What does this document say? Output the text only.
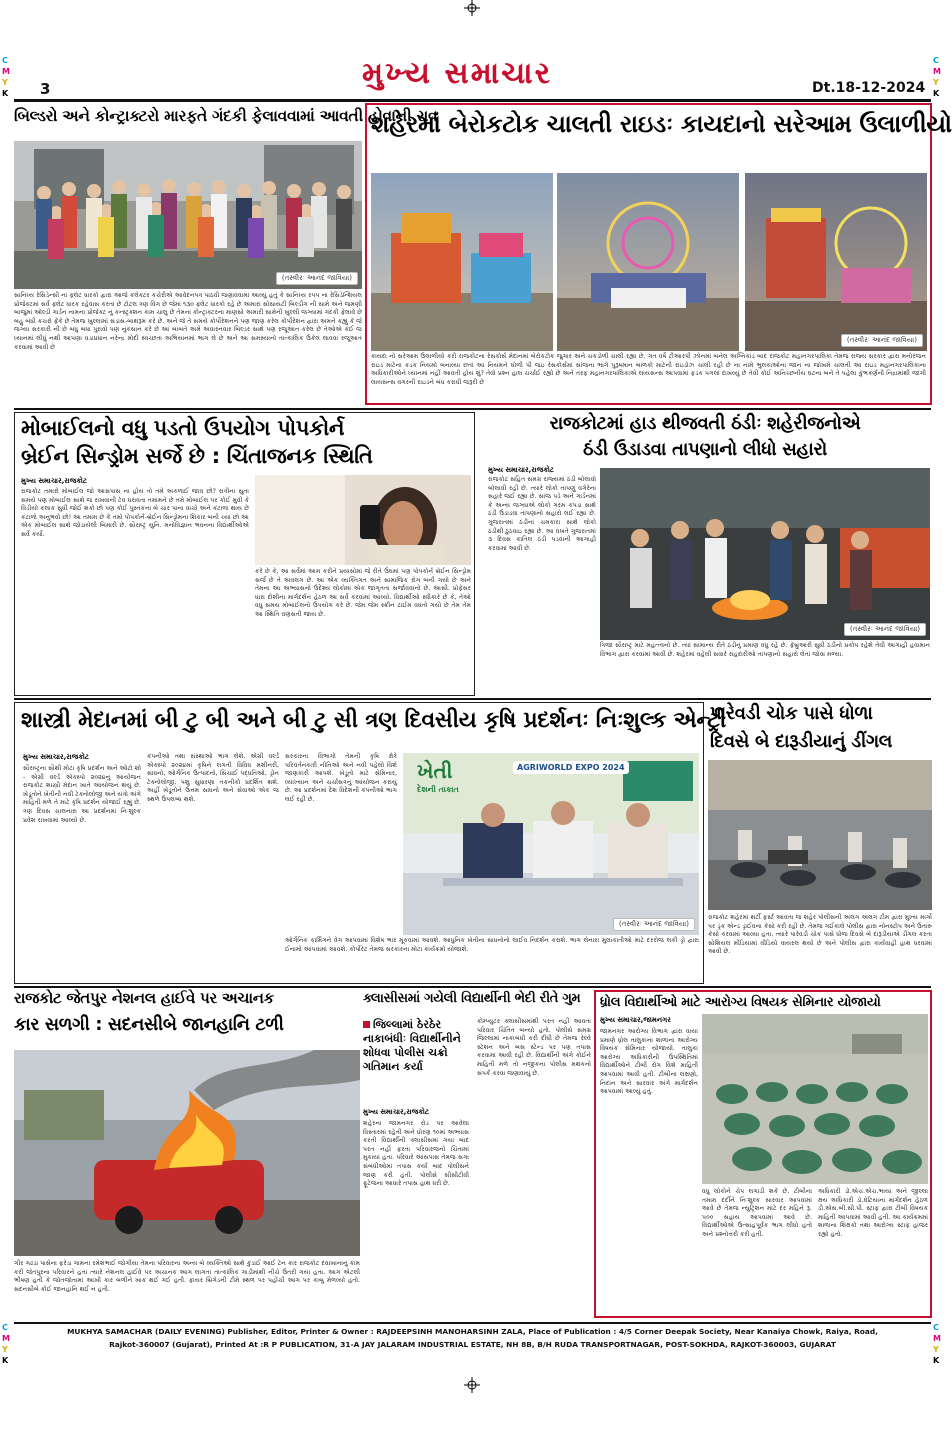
C
M
Y
K
C
M
Y
K
C
M
Y
K
C
M
Y
K
3	મુખ્ય સમાચાર	Dt.18-12-2024
બિલ્ડરો અને કોન્ટ્રાક્ટરો મારફતે ગંદકી ફેલાવવામાં આવતી હોવાની રાવ
(તસ્વીરઃ આનંદ જાવિયા)
સાનિધ્ય રેસિડેન્સી ના ફ્લેટ ધારકો દ્વારા આજે કલેક્ટર કચેરીએ આવેદનપત્ર પાઠવી જણાવવામાં આવ્યું હતું કે સાનિધ્ય રપ૫ ના રેસિડેન્શિયલ પ્રોજેક્ટમાં સર્વે ફ્લેટ ધારક રહેવાસ કરતાં છે ટોટલ ત્રણ વિંગ છે જેમાં ૧૩૦ ફ્લેટ ધારકો રહે છે અમારા સોસાયટી બિલ્ડીંગ ની સામે અને જમણી બાજુમાં ઓલ્ડી ગાર્ડન નામના પ્રોજેક્ટ નું કન્સ્ટ્રક્શન કામ ચાલુ છે તેમના કોન્ટ્રાક્ટરના માણસો અમારી સામેની ખુલ્લી જગ્યામાં ગંદકી ફેલાવે છે બહુ બધી કચરો ફેંકે છે તેમજ ખુલ્લામાં સંડાસ-બાથરૂમ કરે છે. અને જે તે સમયે કોર્પોરેશનને પણ જાણ કરેલ કોર્પોરેશન દ્વારા અમને કહ્યું કે જે જગ્યા સરકારી ની છે બધુ બધા પુરાવો પણ નુકસાન કરે છે આ બાબતે અમે અવારનવાર બિલ્ડર સાથે પણ રજૂઆત કરેલ છે તેઓએ કંઈ જ ધ્યાનમાં લીધું નથી આપણા વડાપ્રધાન નરેન્દ્ર મોદી સ્વચ્છતા અભિયાનમાં ભાગ લે છે અને આ સમસ્યાનો તાત્કાલિક ઉકેલ લાવવા રજૂઆત કરવામાં આવી છે
શહેરમાં બેરોકટોક ચાલતી રાઇડઃ કાયદાનો સરેઆમ ઉલાળીયો
(તસ્વીરઃ આનંદ જાવિયા)
કાયદા નો સરેઆમ ઉલાળીયો કરી રાજકોટના રેસકોર્સ મેદાનમાં બેરોકટોક જુગાર અને ચકડોળી ચાલી રહ્યા છે. ગત વર્ષે ટીઆરપી ઝોનમાં બનેલ અગ્નિકાંડ બાદ રાજકોટ મહાનગરપાલિકા તેમજ રાજ્ય સરકાર દ્વારા મનોરંજન રાઇડ માટેના કડક નિયમો બનાવ્યા છતાં આ નિયમને ઘોળી પી જઇ રેસકોર્સમાં સાંજના ભાગે પુરૂષમાન બાળકો માટેની રાઇડોઝ ચાલી રહી છે ના નામે ભુલકાઓના જાન ના જોખમે ચાલતી આ રાઇડ મહાનગરપાલિકાના અધિકારીઓને ધ્યાનમાં નહીં આવતી હોય શું? તેવો પ્રશ્ન હાલ ચર્ચાઈ રહ્યો છે અને તરફ મહાનગરપાલિકાએ લાયસન્સ આપવામાં ફડક પગલાં દાખવ્યું છે તેવી કોઈ અનિચ્છનીય ઘટના બને તે પહેલા કુંભકર્ણની નિદ્રામાંથી જાગી લાયસન્સ વગરની રાઇડને બંધ કરાવી જરૂરી છે
મોબાઈલનો વધુ પડતો ઉપયોગ પોપકોર્ન
બ્રેઈન સિન્ડ્રોમ સર્જે છે : ચિંતાજનક સ્થિતિ
મુખ્ય સમાચાર,રાજકોટ
રાજકોટ તમારો મોબાઈલ જો આસપાસ ના હોય તો તમે અકળાઈ જાવ છો? રાત્રીના સુતા સમયે પણ મોબાઈલ સાથે જ રાખવાની ટેવ ધરાવતા તમામને છે તમે મોબાઈલ પર કોઈ મુવી કે વિડીયો કલાક સુધી જોઈ શકો છો પણ કોઈ પુસ્તકના બે ચાર પાના વાંચો અને કંટાળા થાય છે કંટાળો અનુભવો છો! આ તમામ છે કે તમો પોપકોર્ન-બ્રેઈન સિન્ડ્રોમના શિકાર બની ચ્યા છો આ એક મોબાઈલ સાથે જોડાયેલી બિમારી છે. સૌરાષ્ટ્ર યુનિ. મનોવિજ્ઞાન ભવનના વિદ્યાર્થીઓએ સર્વે કર્યો.
કરે છે કે, આ સર્વેમાં આમ કરીને પ્રયાસોમાં જે રીતે ઉંઘમાં પણ પોપકોર્ન બ્રેઈન સિન્ડ્રોમ સર્જે છે તે અવલગ છે. આ એક વ્યક્તિગત અને સામાજિક રોગ બની ગયો છે અને તેમના આ અભ્યાસનો ઉદેશ્ય લોકોમાં એક જાગૃતતા સર્જાવવાનો છે. આસી. પ્રોફેસર ધારા દોશીના માર્ગદર્શન હેઠળ આ સર્વે કરવામાં આવ્યો. વિદ્યાર્થીઓ સ્વીકારે છે કે, તેઓ વધુ સમય મોબાઈલનો ઉપયોગ કરે છે. જેમ જેમ સ્ક્રીન ટાઈમ વધતો ગયો છે તેમ તેમ આ સ્થિતિ વણસતી જાય છે.
રાજકોટમાં હાડ થીજવતી ઠંડીઃ શહેરીજનોએ
ઠંડી ઉડાડવા તાપણાનો લીધો સહારો
મુખ્ય સમાચાર,રાજકોટ
રાજકોટ સહિત સમગ્ર રાજ્યમાં ઠંડી બોલાવો બોલાવી રહી છે. ત્યારે લોકો તાપણું વગેરેના સહારે જઈ રહ્યા છે. સાંજ પડે અને ગાર્ડનમાં કે અન્ય જગ્યાએ લોકો ગરમ કપડા સાથે ઠંડી ઉડાડવા તાપણાનો સહારો લઈ રહ્યા છે. ગુજરાતમાં ઠંડીના ચમકારા સાથે લોકો ઠંડીથી ઠુંઠવાઇ રહ્યા છે. આ વખતે ગુજરાતમાં ૩ દિવસ કાતિલ ઠંડી પડવાની આગાહી કરવામાં આવી છે.
(તસ્વીરઃ આનંદ જાવિયા)
ત્રિજા સૌરાષ્ટ્ર માટે મહત્ત્વનો છે. ત્યાં સામાન્ય રીતે ઠંડીનું પ્રમાણ વધુ રહે છે. ફેબ્રુઆરી સુધી ઠંડીનો પ્રકોપ રહેશે તેવી આગાહી હવામાન વિભાગ દ્વારા કરવામાં આવી છે. શહેરમાં વહેલી સવારે રાહદારીઓ તાપણાનો સહારો લેતાં જોવા મળ્યા.
શાસ્ત્રી મેદાનમાં બી ટુ બી અને બી ટુ સી ત્રણ દિવસીય કૃષિ પ્રદર્શનઃ નિઃશુલ્ક એન્ટ્રી
મુખ્ય સમાચાર,રાજકોટ
સૌરાષ્ટ્રના સૌથી મોટા કૃષિ પ્રદર્શન અને ઓટો શો - એગ્રી વર્લ્ડ એક્સ્પો ૨૦૨૪નું આયોજન રાજકોટ શાસ્ત્રી મેદાન ખાતે આયોજન થયું છે. ખેડૂતોને ખેતીની નવી ટેક્નોલોજી અને યંત્રો અંગે માહિતી મળે તે માટે કૃષિ પ્રદર્શન યોજાઈ રહ્યું છે. ત્રણ દિવસ ચાલનારા આ પ્રદર્શનમાં નિઃશુલ્ક પ્રવેશ રાખવામાં આવ્યો છે.
કંપનીઓ તથા સંસ્થાઓ ભાગ લેશે. એગ્રી વર્લ્ડ એક્સ્પો ૨૦૨૪માં કૃષિને લગતી વિવિધ મશીનરી, સાધનો, ઓર્ગેનિક ઉત્પાદનો, સિંચાઈ પદ્ધતિઓ, ડ્રોન ટેક્નોલોજી, પશુ સુધારણા તકનીકો પ્રદર્શિત થશે. અહીં ખેડૂતોને ઉત્તમ સાધનો અને સેવાઓ એક જ સ્થળે ઉપલબ્ધ થશે.
સરકારના વિભાગો તેમની કૃષિ ક્ષેત્રે પરિવર્તનકારી નીતિઓ અને નવી પહેલો વિશે જાણકારી આપશે. ખેડૂતો માટે સેમિનાર, વ્યાખ્યાન અને ચર્ચાસત્રનું આયોજન કરાયું છે. આ પ્રદર્શનમાં દેશ વિદેશની કંપનીઓ ભાગ લઈ રહી છે.
ખેતી
દેશની તાકાત
AGRIWORLD EXPO 2024
(તસ્વીરઃ આનંદ જાવિયા)
ઓર્ગેનિક કાર્મિંગને વેગ આપવામાં વિશેષ ભાર મૂકવામાં આવશે. આધુનિક ખેતીના સાધનોનો લાઈવ નિદર્શન કરાશે. ભાગ લેનારા મુલાકાતીઓ માટે દરરોજ લકી ડ્રો દ્વારા ઈનામો આપવામાં આવશે. કોર્પોરેટ તેમજ સરકારના મોટા કાર્યક્રમો યોજાશે.
પારેવડી ચોક પાસે ધોળા
દિવસે બે દારૂડીયાનું ડીંગલ
રાજકોટ શહેરમાં થર્ટી ફર્સ્ટ આવતા જ શહેર પોલીસની અલગ અલગ ટીમ દ્વારા મુખ્ય માર્ગો પર ડ્રંક એન્ડ ડ્રાઈવના કેસો કરી રહી છે. તેમજ ગઈકાલે પોલીસ દ્વારા નોનસ્ટોપ અને ઉતારુ કેસો કરવામાં આવ્યા હતા. ત્યારે પારેવડી ચોક પાસે ધોળા દિવસે બે દારૂડીયાએ ડીંગલ કરતા સોશિયલ મીડિયામાં વીડિયો વાયરલ થયો છે અને પોલીસ દ્વારા કાર્યવાહી હાથ ધરવામાં આવી છે.
રાજકોટ જેતપુર નેશનલ હાઈવે પર અચાનક
કાર સળગી : સદનસીબે જાનહાનિ ટળી
ગીર ગઢડા પાસેના ફરેડા ગામના રમેશભાઈ જોગીયા તેમના પરિવારના અન્ય બે વ્યક્તિઓ સાથે કુંડાઈ આઈ ટેન કાર રાજકોટ દવાખાનાનું કામ કરી જેતપુરના પરિવારને હતા ત્યારે નેશનલ હાઈવે પર અચાનક આગ લાગતા તાત્કાલિક ગાડીમાંથી નીચે ઉતરી ગયા હતા. આગ એટલી ભીષણ હતી કે જોતજોતામાં આખી કાર બળીને ખાક થઈ ગઈ હતી. ફાયર બ્રિગેડની ટીમે સ્થળ પર પહોંચી આગ પર કાબુ મેળવ્યો હતો. સદનસીબે કોઈ જાનહાનિ થઈ ન હતી.
ક્લાસીસમાં ગયેલી વિદ્યાર્થીની ભેદી રીતે ગુમ
જિલ્લામાં ઠેરઠેર નાકાબંધીઃ વિદ્યાર્થીનીને શોધવા પોલીસ ચક્રો ગતિમાન કર્યા
મુખ્ય સમાચાર,રાજકોટ
શહેરના જામનગર રોડ પર આવેલા વિસ્તારમાં રહેતી અને ધોરણ ૧૦માં અભ્યાસ કરતી વિદ્યાર્થીની ક્લાસીસમાં ગયા બાદ પરત નહીં ફરતા પરિવારજનો ચિંતામાં મુકાયા હતા. પરિવારે આસપાસ તેમજ સગા સંબંધીઓમાં તપાસ કર્યા બાદ પોલીસને જાણ કરી હતી. પોલીસે સીસીટીવી ફૂટેજના આધારે તપાસ હાથ ધરી છે.
કોમ્પ્યુટર ક્લાસીસમાંથી પરત નહીં આવતા પરિવાર ચિંતિત બન્યો હતો. પોલીસે સમગ્ર જિલ્લામાં નાકાબંધી કરી દીધી છે તેમજ રેલ્વે સ્ટેશન અને બસ સ્ટેન્ડ પર પણ તપાસ કરવામાં આવી રહી છે. વિદ્યાર્થીની અંગે કોઈને માહિતી મળે તો નજીકના પોલીસ મથકનો સંપર્ક કરવા જણાવાયું છે.
ધ્રોલ વિદ્યાર્થીઓ માટે આરોગ્ય વિષયક સેમિનાર યોજાયો
મુખ્ય સમાચાર,જામનગર
જામનગર આરોગ્ય વિભાગ દ્વારા વાયા પ્રમાણે ધ્રોલ તાલુકાના શાળાના આરોગ્ય વિષયક સેમિનાર યોજાયો. તાલુકા આરોગ્ય અધિકારીની ઉપસ્થિતિમાં વિદ્યાર્થીઓને ટીબી રોગ વિશે માહિતી આપવામાં આવી હતી. ટીબીના લક્ષણો, નિદાન અને સારવાર અંગે માર્ગદર્શન આપવામાં આવ્યું હતું.
વધુ લોકોને ચેપ લગાડી શકે છે. ટીબીના તમામ દર્દીને નિઃશુલ્ક સારવાર આપવામાં આવે છે તેમજ ન્યુટ્રિશન માટે દર મહિને રૂ. ૫૦૦ સહાય આપવામાં આવે છે. વિદ્યાર્થીઓએ ઉત્સાહપૂર્વક ભાગ લીધો હતો અને પ્રશ્નોત્તરી કરી હતી.
અધિકારી ડો.એચ.એચ.ભાયા અને જીલ્લા ક્ષય અધિકારી ડો.ઘેટિયાના માર્ગદર્શન હેઠળ ડી.એસ.બી.સી.પી. સ્ટાફ દ્વારા ટીબી વિષયક માહિતી આપવામાં આવી હતી. આ કાર્યક્રમમાં શાળાના શિક્ષકો તથા આરોગ્ય સ્ટાફ હાજર રહ્યો હતો.
MUKHYA SAMACHAR (DAILY EVENING) Publisher, Editor, Printer & Owner : RAJDEEPSINH MANOHARSINH ZALA, Place of Publication : 4/5 Corner Deepak Society, Near Kanaiya Chowk, Raiya, Road,
Rajkot-360007 (Gujarat), Printed At :R P PUBLICATION, 31-A JAY JALARAM INDUSTRIAL ESTATE, NH 8B, B/H RUDA TRANSPORTNAGAR, POST-SOKHDA, RAJKOT-360003, GUJARAT
